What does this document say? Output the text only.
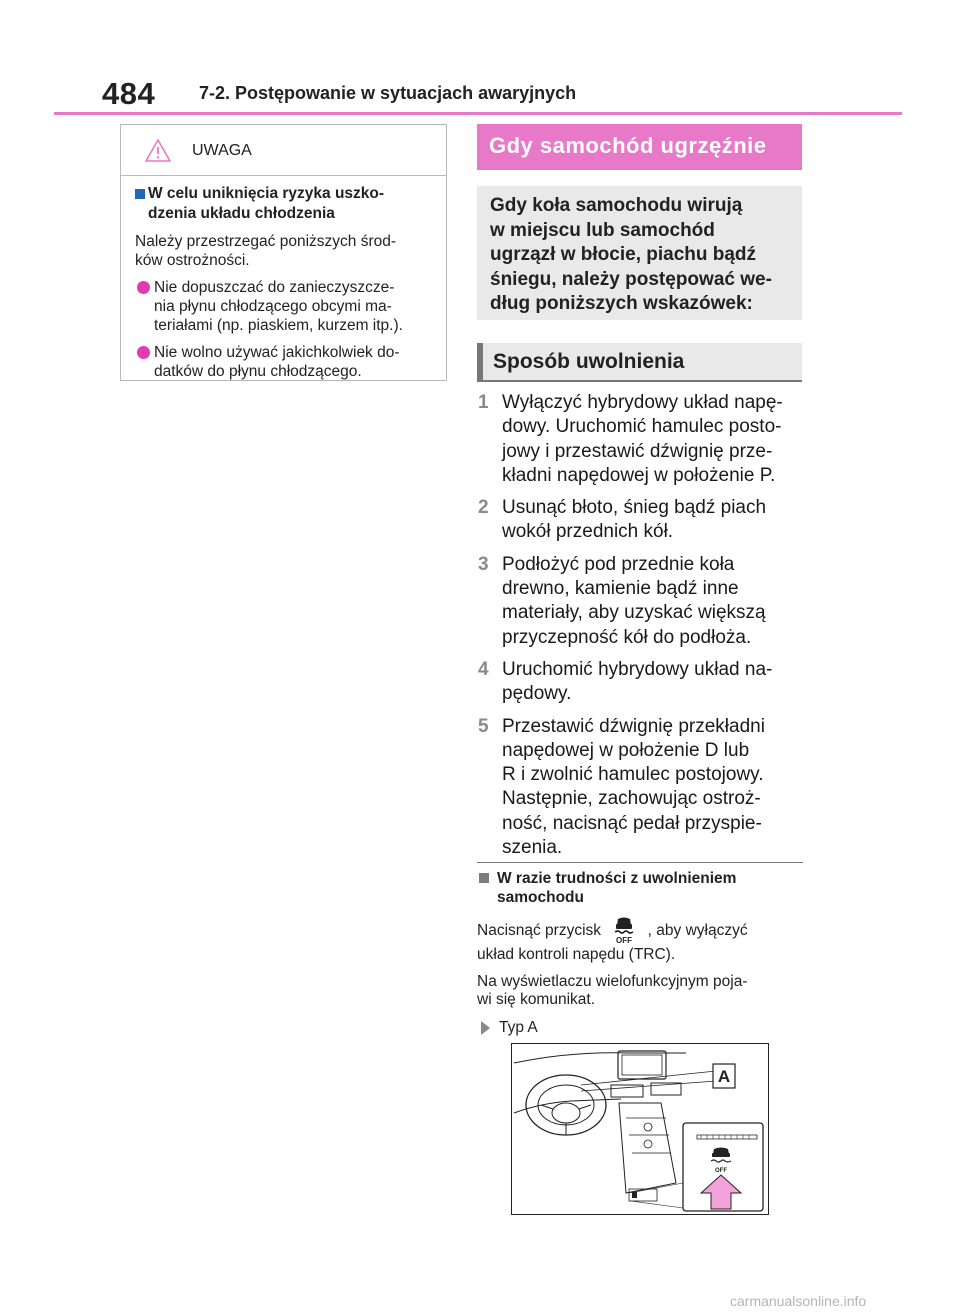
484 7-2. Postępowanie w sytuacjach awaryjnych
UWAGA
W celu uniknięcia ryzyka uszko-
dzenia układu chłodzenia
Należy przestrzegać poniższych środ-
ków ostrożności.
Nie dopuszczać do zanieczyszcze-
nia płynu chłodzącego obcymi ma-
teriałami (np. piaskiem, kurzem itp.).
Nie wolno używać jakichkolwiek do-
datków do płynu chłodzącego.
Gdy samochód ugrzęźnie
Gdy koła samochodu wirują
w miejscu lub samochód
ugrzązł w błocie, piachu bądź
śniegu, należy postępować we-
dług poniższych wskazówek:
Sposób uwolnienia
1 Wyłączyć hybrydowy układ napę-
dowy. Uruchomić hamulec posto-
jowy i przestawić dźwignię prze-
kładni napędowej w położenie P.
2 Usunąć błoto, śnieg bądź piach
wokół przednich kół.
3 Podłożyć pod przednie koła
drewno, kamienie bądź inne
materiały, aby uzyskać większą
przyczepność kół do podłoża.
4 Uruchomić hybrydowy układ na-
pędowy.
5 Przestawić dźwignię przekładni
napędowej w położenie D lub
R i zwolnić hamulec postojowy.
Następnie, zachowując ostroż-
ność, nacisnąć pedał przyspie-
szenia.
W razie trudności z uwolnieniem
samochodu
Nacisnąć przycisk
OFF
, aby wyłączyć
układ kontroli napędu (TRC).
Na wyświetlaczu wielofunkcyjnym poja-
wi się komunikat.
Typ A
A
OFF
carmanualsonline.info
